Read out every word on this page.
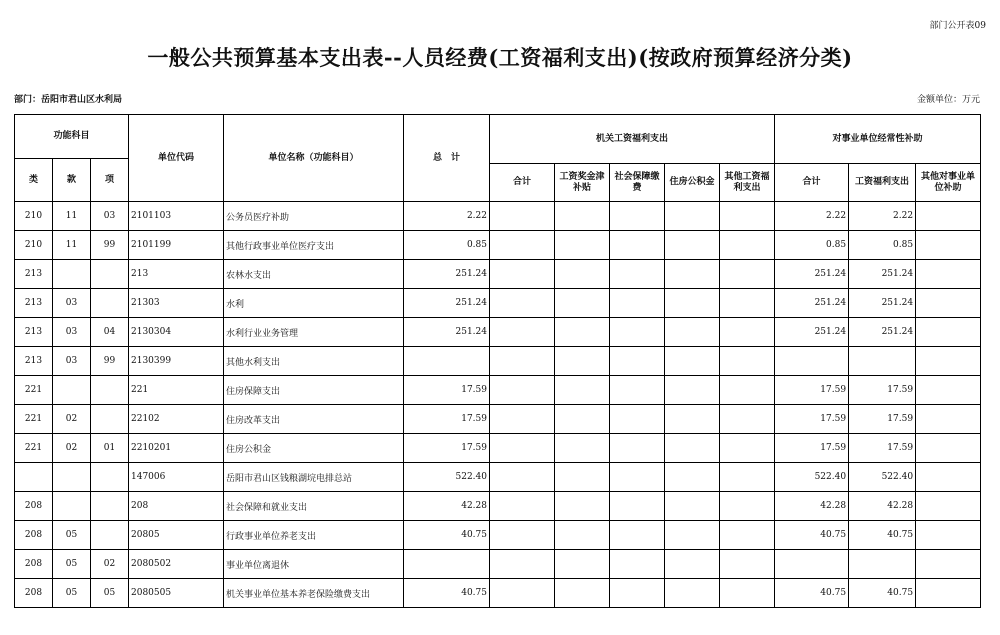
部门公开表09
一般公共预算基本支出表--人员经费(工资福利支出)(按政府预算经济分类)
部门：岳阳市君山区水利局	金额单位：万元
功能科目			单位代码	单位名称（功能科目）	总　计	机关工资福利支出					对事业单位经常性补助		
类	款	项											
						合计	工资奖金津补贴	社会保障缴费	住房公积金	其他工资福利支出	合计	工资福利支出	其他对事业单位补助
210	11	03	2101103	公务员医疗补助	2.22						2.22	2.22	
210	11	99	2101199	其他行政事业单位医疗支出	0.85						0.85	0.85	
213			213	农林水支出	251.24						251.24	251.24	
213	03		21303	水利	251.24						251.24	251.24	
213	03	04	2130304	水利行业业务管理	251.24						251.24	251.24	
213	03	99	2130399	其他水利支出									
221			221	住房保障支出	17.59						17.59	17.59	
221	02		22102	住房改革支出	17.59						17.59	17.59	
221	02	01	2210201	住房公积金	17.59						17.59	17.59	
			147006	岳阳市君山区钱粮湖垸电排总站	522.40						522.40	522.40	
208			208	社会保障和就业支出	42.28						42.28	42.28	
208	05		20805	行政事业单位养老支出	40.75						40.75	40.75	
208	05	02	2080502	事业单位离退休									
208	05	05	2080505	机关事业单位基本养老保险缴费支出	40.75						40.75	40.75	
